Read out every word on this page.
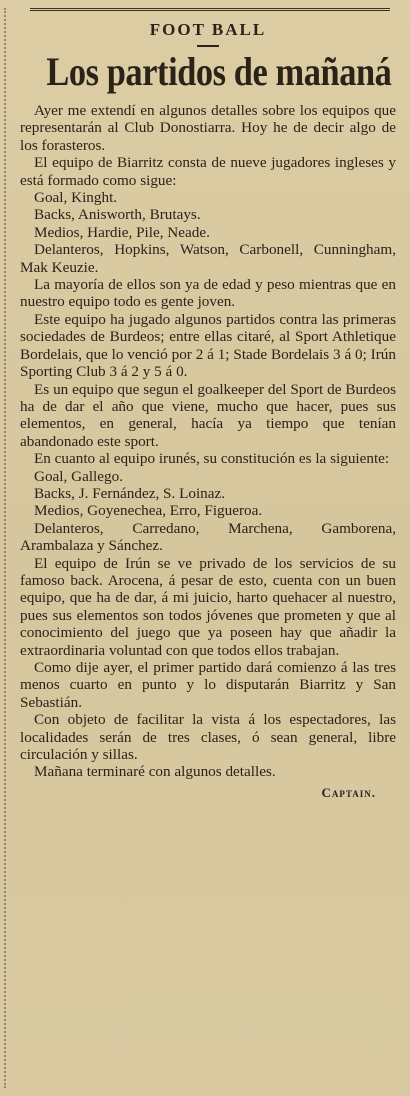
FOOT BALL
Los partidos de mañaná

Ayer me extendí en algunos detalles sobre los equipos que representarán al Club Donostiarra. Hoy he de decir algo de los forasteros.

El equipo de Biarritz consta de nueve jugadores ingleses y está formado como sigue:

Goal, Kinght.

Backs, Anisworth, Brutays.

Medios, Hardie, Pile, Neade.

Delanteros, Hopkins, Watson, Carbonell, Cunningham, Mak Keuzie.

La mayoría de ellos son ya de edad y peso mientras que en nuestro equipo todo es gente joven.

Este equipo ha jugado algunos partidos contra las primeras sociedades de Burdeos; entre ellas citaré, al Sport Athletique Bordelais, que lo venció por 2 á 1; Stade Bordelais 3 á 0; Irún Sporting Club 3 á 2 y 5 á 0.

Es un equipo que segun el goalkeeper del Sport de Burdeos ha de dar el año que viene, mucho que hacer, pues sus elementos, en general, hacía ya tiempo que tenían abandonado este sport.

En cuanto al equipo irunés, su constitución es la siguiente:

Goal, Gallego.

Backs, J. Fernández, S. Loinaz.

Medios, Goyenechea, Erro, Figueroa.

Delanteros, Carredano, Marchena, Gamborena, Arambalaza y Sánchez.

El equipo de Irún se ve privado de los servicios de su famoso back. Arocena, á pesar de esto, cuenta con un buen equipo, que ha de dar, á mi juicio, harto quehacer al nuestro, pues sus elementos son todos jóvenes que prometen y que al conocimiento del juego que ya poseen hay que añadir la extraordinaria voluntad con que todos ellos trabajan.

Como dije ayer, el primer partido dará comienzo á las tres menos cuarto en punto y lo disputarán Biarritz y San Sebastián.

Con objeto de facilitar la vista á los espectadores, las localidades serán de tres clases, ó sean general, libre circulación y sillas.

Mañana terminaré con algunos detalles.

Captain.
